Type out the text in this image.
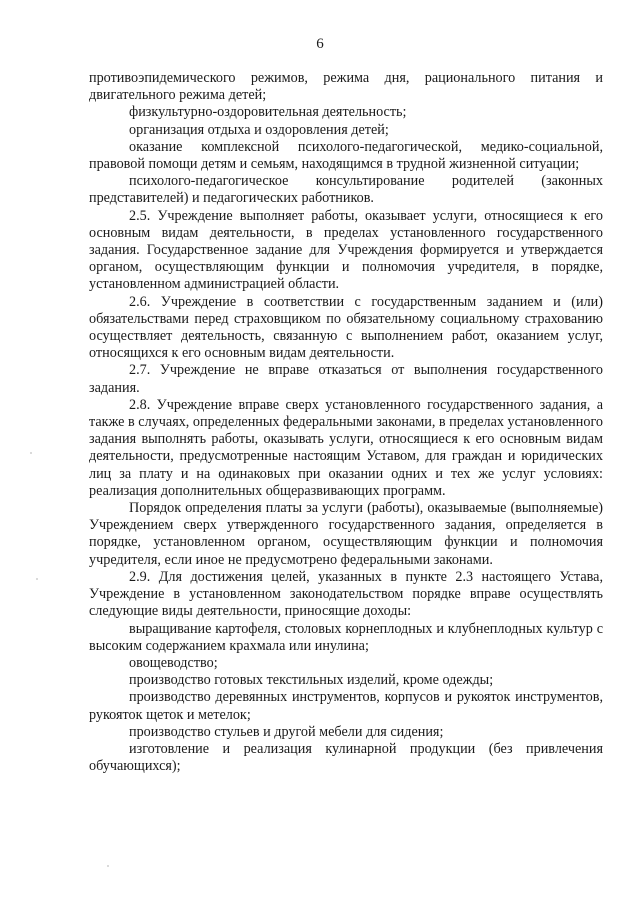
6

противоэпидемического режимов, режима дня, рационального питания и двигательного режима детей;

физкультурно-оздоровительная деятельность;

организация отдыха и оздоровления детей;

оказание комплексной психолого-педагогической, медико-социальной, правовой помощи детям и семьям, находящимся в трудной жизненной ситуации;

психолого-педагогическое консультирование родителей (законных представителей) и педагогических работников.

2.5. Учреждение выполняет работы, оказывает услуги, относящиеся к его основным видам деятельности, в пределах установленного государственного задания. Государственное задание для Учреждения формируется и утверждается органом, осуществляющим функции и полномочия учредителя, в порядке, установленном администрацией области.

2.6. Учреждение в соответствии с государственным заданием и (или) обязательствами перед страховщиком по обязательному социальному страхованию осуществляет деятельность, связанную с выполнением работ, оказанием услуг, относящихся к его основным видам деятельности.

2.7. Учреждение не вправе отказаться от выполнения государственного задания.

2.8. Учреждение вправе сверх установленного государственного задания, а также в случаях, определенных федеральными законами, в пределах установленного задания выполнять работы, оказывать услуги, относящиеся к его основным видам деятельности, предусмотренные настоящим Уставом, для граждан и юридических лиц за плату и на одинаковых при оказании одних и тех же услуг условиях: реализация дополнительных общеразвивающих программ.

Порядок определения платы за услуги (работы), оказываемые (выполняемые) Учреждением сверх утвержденного государственного задания, определяется в порядке, установленном органом, осуществляющим функции и полномочия учредителя, если иное не предусмотрено федеральными законами.

2.9. Для достижения целей, указанных в пункте 2.3 настоящего Устава, Учреждение в установленном законодательством порядке вправе осуществлять следующие виды деятельности, приносящие доходы:

выращивание картофеля, столовых корнеплодных и клубнеплодных культур с высоким содержанием крахмала или инулина;

овощеводство;

производство готовых текстильных изделий, кроме одежды;

производство деревянных инструментов, корпусов и рукояток инструментов, рукояток щеток и метелок;

производство стульев и другой мебели для сидения;

изготовление и реализация кулинарной продукции (без привлечения обучающихся);
